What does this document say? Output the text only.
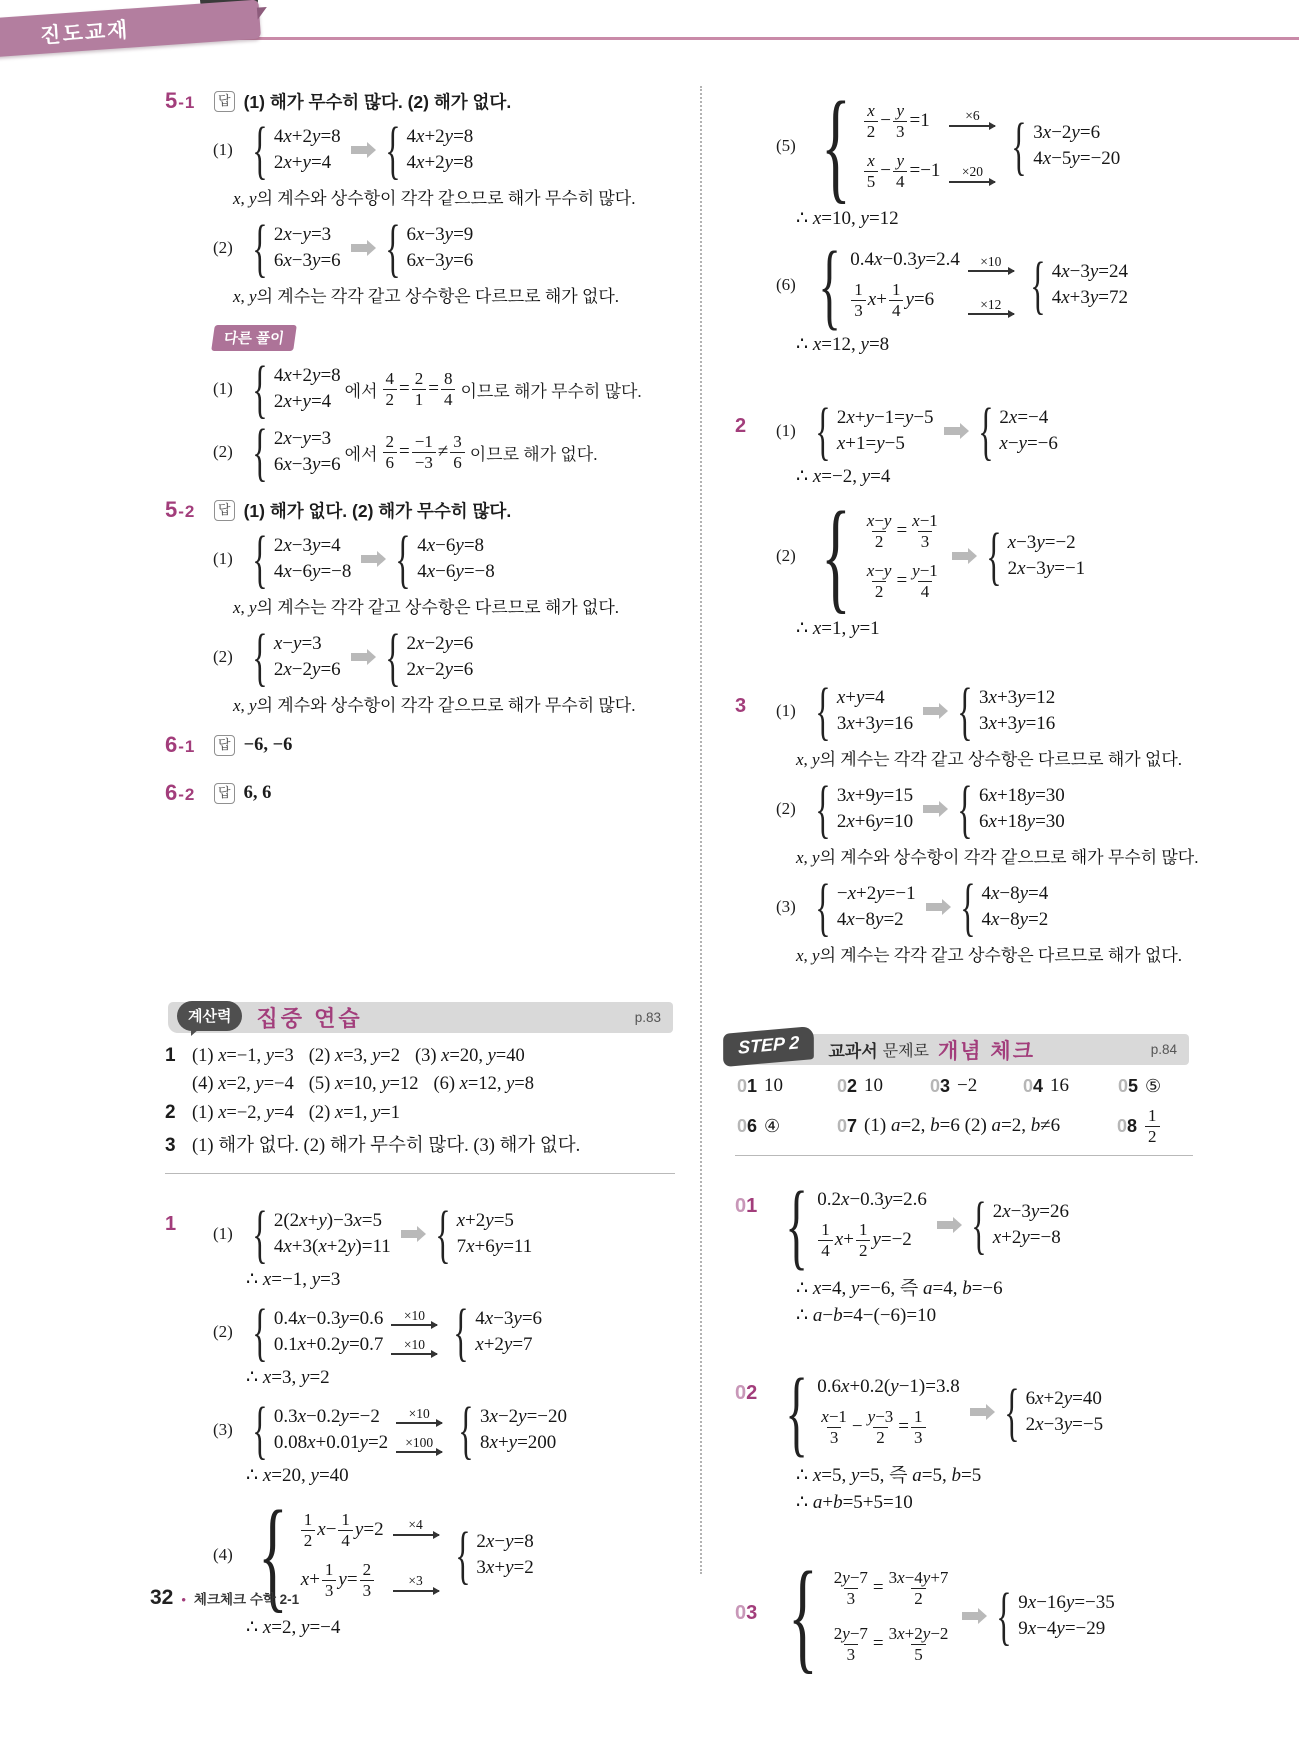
진도교재
5-1	답 (1) 해가 무수히 많다. (2) 해가 없다.
(1)
{
4x+2y=8
2x+y=4
{
4x+2y=8
4x+2y=8
x, y의 계수와 상수항이 각각 같으므로 해가 무수히 많다.
(2)
{
2x−y=3
6x−3y=6
{
6x−3y=9
6x−3y=6
x, y의 계수는 각각 같고 상수항은 다르므로 해가 없다.
다른 풀이
(1)
{
4x+2y=8
2x+y=4 에서 $\frac{4}{2} = \frac{2}{1} = \frac{8}{4}$ 이므로 해가 무수히 많다.
(2)
{
2x−y=3
6x−3y=6 에서 $\frac{2}{6} = \frac{-1}{-3} \ne \frac{3}{6}$ 이므로 해가 없다.
5-2	답 (1) 해가 없다. (2) 해가 무수히 많다.
(1)
{
2x−3y=4
4x−6y=−8
{
4x−6y=8
4x−6y=−8
x, y의 계수는 각각 같고 상수항은 다르므로 해가 없다.
(2)
{
x−y=3
2x−2y=6
{
2x−2y=6
2x−2y=6
x, y의 계수와 상수항이 각각 같으므로 해가 무수히 많다.
6-1	답 −6, −6
6-2	답 6, 6
계산력	집중 연습	p.83
1 (1) x=−1, y=3 (2) x=3, y=2 (3) x=20, y=40
(4) x=2, y=−4 (5) x=10, y=12 (6) x=12, y=8
2 (1) x=−2, y=4 (2) x=1, y=1
3 (1) 해가 없다. (2) 해가 무수히 많다. (3) 해가 없다.
1	(1)
{
2(2x+y)−3x=5
4x+3(x+2y)=11
{
x+2y=5
7x+6y=11
∴ x=−1, y=3
(2)
{
0.4x−0.3y=0.6
0.1x+0.2y=0.7
×10
×10
{
4x−3y=6
x+2y=7
∴ x=3, y=2
(3)
{
0.3x−0.2y=−2
0.08x+0.01y=2
×10
×100
{
3x−2y=−20
8x+y=200
∴ x=20, y=40
(4)
{
$\frac{1}{2} x- \frac{1}{4} y=2$
$x+ \frac{1}{3} y= \frac{2}{3}$
×4
×3
{
2x−y=8
3x+y=2
∴ x=2, y=−4
(5)
{
$\frac{x}{2} - \frac{y}{3} =1$
$\frac{x}{5} - \frac{y}{4} =-1$
×6
×20
{
3x−2y=6
4x−5y=−20
∴ x=10, y=12
(6)
{
0.4x−0.3y=2.4
$\frac{1}{3} x+ \frac{1}{4} y=6$
×10
×12
{
4x−3y=24
4x+3y=72
∴ x=12, y=8
2	(1)
{
2x+y−1=y−5
x+1=y−5
{
2x=−4
x−y=−6
∴ x=−2, y=4
(2)
{
$\frac{x-y}{2} = \frac{x-1}{3}$
$\frac{x-y}{2} = \frac{y-1}{4}$
{
x−3y=−2
2x−3y=−1
∴ x=1, y=1
3	(1)
{
x+y=4
3x+3y=16
{
3x+3y=12
3x+3y=16
x, y의 계수는 각각 같고 상수항은 다르므로 해가 없다.
(2)
{
3x+9y=15
2x+6y=10
{
6x+18y=30
6x+18y=30
x, y의 계수와 상수항이 각각 같으므로 해가 무수히 많다.
(3)
{
−x+2y=−1
4x−8y=2
{
4x−8y=4
4x−8y=2
x, y의 계수는 각각 같고 상수항은 다르므로 해가 없다.
STEP 2	교과서 문제로 개념 체크	p.84
01 10	02 10	03 −2	04 16	05 ⑤
06 ④	07 (1) a=2, b=6 (2) a=2, b≠6	$08 \frac{1}{2}$
01 {	0.2x−0.3y=2.6
$\frac{1}{4} x+ \frac{1}{2} y=-2$
{
2x−3y=26
x+2y=−8
∴ x=4, y=−6, 즉 a=4, b=−6
∴ a−b=4−(−6)=10
02 {	0.6x+0.2(y−1)=3.8
$\frac{x-1}{3} - \frac{y-3}{2} = \frac{1}{3}$
{
6x+2y=40
2x−3y=−5
∴ x=5, y=5, 즉 a=5, b=5
∴ a+b=5+5=10
03
{
$\frac{2y-7}{3} = \frac{3x-4y+7}{2}$
$\frac{2y-7}{3} = \frac{3x+2y-2}{5}$
{
9x−16y=−35
9x−4y=−29
32 • 체크체크 수학 2-1
